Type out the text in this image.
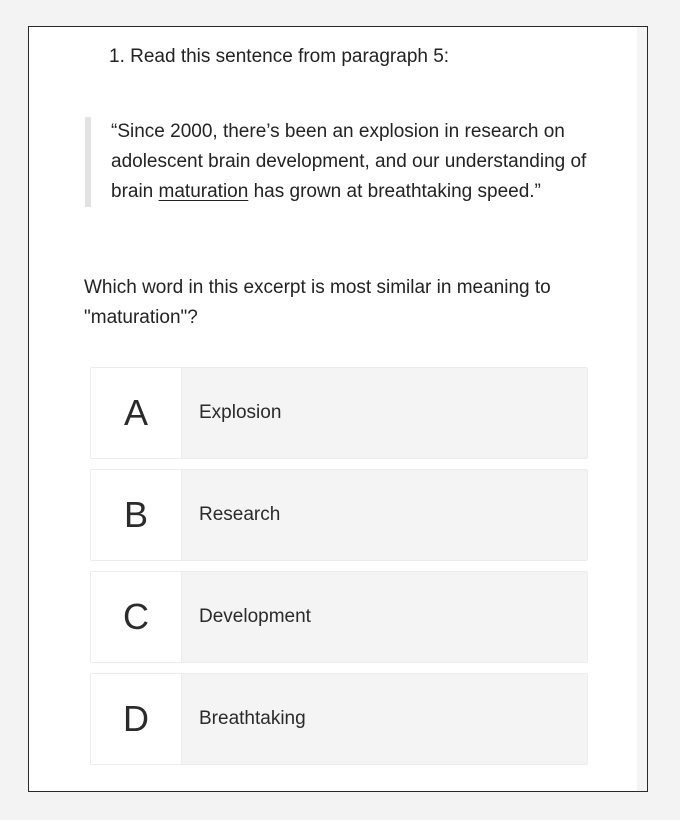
1. Read this sentence from paragraph 5:
“Since 2000, there’s been an explosion in research on adolescent brain development, and our understanding of brain maturation has grown at breathtaking speed.”
Which word in this excerpt is most similar in meaning to "maturation"?
A	Explosion
B	Research
C	Development
D	Breathtaking
